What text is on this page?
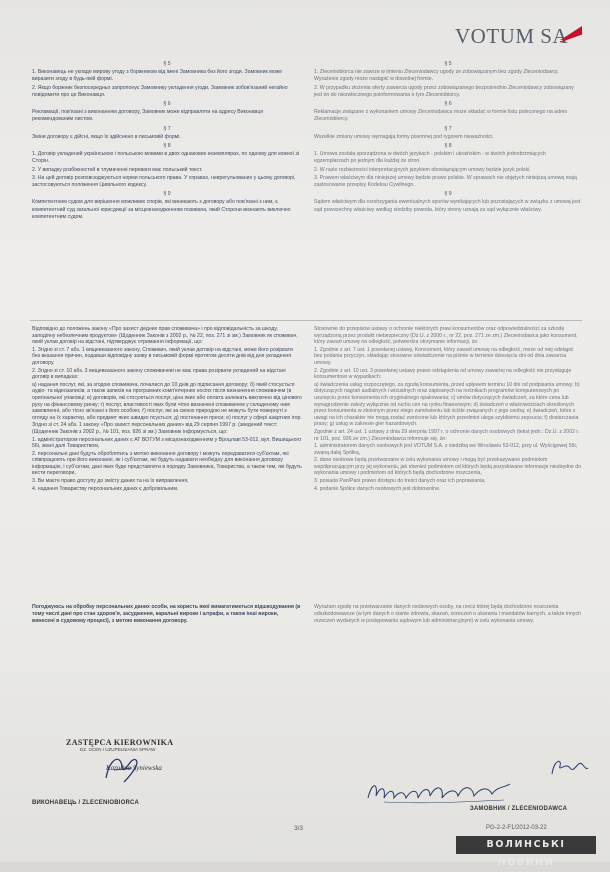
VOTUM SA
§ 5

1. Виконавець не укладе мирову угоду з боржником від імені Замовника без його згоди. Замовник може виразити згоду в будь-якій формі.

2. Якщо боржник безпосередньо запропонує Замовнику укладення угоди, Замовник зобов'язаний негайно повідомити про це Виконавця.

§ 6

Рекламації, пов'язані з виконанням договору, Замовник може відправляти на адресу Виконавця рекомендованим листом.

§ 7

Зміни договору є дійсні, якщо їх здійснено в письмовій формі.

§ 8

1. Договір укладений українською і польською мовами в двох однакових екземплярах, по одному для кожної зі Сторін.

2. У випадку розбіжностей в тлумаченні переваги має польський текст.

3. На цей договір розповсюджуються норми польського права. У справах, неврегульованих у цьому договорі, застосовуються положення Цивільного кодексу.

§ 9

Компетентним судом для вирішення можливих спорів, які виникають з договору або пов'язані з ним, є компетентний суд загальної юрисдикції за місцезнаходженням позивача, який Сторони визнають виключно компетентним судом.

§ 5

1. Zleceniobiorca nie zawrze w imieniu Zleceniodawcy ugody ze zobowiązanym bez zgody Zleceniodawcy. Wyrażenie zgody może nastąpić w dowolnej formie.

2. W przypadku złożenia oferty zawarcia ugody przez zobowiązanego bezpośrednio Zleceniodawcy zobowiązany jest on do niezwłocznego poinformowania o tym Zleceniobiorcy.

§ 6

Reklamacje związane z wykonaniem umowy Zleceniodawca może składać w formie listu poleconego na adres Zleceniobiorcy.

§ 7

Wszelkie zmiany umowy wymagają formy pisemnej pod rygorem nieważności.

§ 8

1. Umowa została sporządzona w dwóch językach - polskim i ukraińskim - w dwóch jednobrzmiących egzemplarzach po jednym dla każdej ze stron.

2. W razie rozbieżności interpretacyjnych językiem obowiązującym umowy będzie język polski.

3. Prawem właściwym dla niniejszej umowy będzie prawo polskie. W sprawach nie objętych niniejszą umową mają zastosowanie przepisy Kodeksu Cywilnego.

§ 9

Sądem właściwym dla rozstrzygania ewentualnych sporów wynikających lub pozostających w związku z umową jest sąd powszechny właściwy według siedziby powoda, który strony uznają za sąd wyłącznie właściwy.

Відповідно до положень закону «Про захист дедних прав споживача» і про відповідальність за шкоду, заподіяну небезпечним продуктом» (Щоденник Законів з 2002 р., № 22, поз. 271 зі зм.) Замовник як споживач, який уклав договір на відстані, підтверджує отримання інформації, що:

1. Згідно зі ст. 7 абз. 1 вищевказаного закону, Споживач, який уклав договір на відстані, може його розірвати без вказання причин, подавши відповідну заяву в письмовій формі протягом десяти днів від дня укладення договору.

2. Згідно зі ст. 10 абз. 3 вищевказаного закону споживачеві не має права розірвати укладений на відстані договір в випадках:

а) надання послуг, які, за згодою споживача, почалися до 10 днів до підписання договору; б) який стосується аудіо- та відеозаписів, а також записів на програмних комп'ютерних носіях після визначення споживачем (в оригінальної упаковці; в) договорів, які стосуються послуг, ціна яких або оплата залежать виключно від цінового руху на фінансовому ринку; г) послуг, властивості яких були чітко визначені споживачем у складеному ним замовленні, або тісно зв'язані з його особою; ґ) послуг, які за своєю природою не можуть бути повернуті з огляду на їх характер, або предмет яких швидко псується; д) постачання преси; е) послуг у сфері азартних ігор.

Згідно зі ст. 24 абз. 1 закону «Про захист персональних даних» від 29 серпня 1997 р. (зведений текст: (Щоденник Законів з 2002 р., № 101, поз. 926 зі зм.) Замовник інформується, що:

1. адміністратором персональних даних є АТ ВОТУМ з місцезнаходженням у Вроцлаві 53-012, вул. Вишицького 56і, звані далі Товариством,

2. персональні дані будуть оброблятись з метою виконання договору і можуть передаватися суб'єктам, які співпрацюють при його виконанні, як і суб'єктам, які будуть надавати необхідну для виконання договору інформацію, і суб'єктам, дані яких буде представляти в порядку Замовника, Товариства, а також тим, які будуть вести переговори,

3. Ви маєте право доступу до змісту даних та на їх виправлення,

4. надання Товариству персональних даних є добровільним.

Stosownie do przepisów ustawy o ochronie niektórych praw konsumentów oraz odpowiedzialności za szkodę wyrządzoną przez produkt niebezpieczny (Dz.U. z 2000 r., nr 22, poz. 271 ze zm.) Zleceniodawca jako konsument, który zawarł umowę na odległość, potwierdza otrzymanie informacji, że:

1. Zgodnie z art. 7 ust. 1 powołanej ustawy, Konsument, który zawarł umowę na odległość, może od niej odstąpić bez podania przyczyn, składając stosowne oświadczenie na piśmie w terminie dziesięciu dni od dnia zawarcia umowy.

2. Zgodnie z art. 10 ust. 3 powołanej ustawy prawo odstąpienia od umowy zawartej na odległość nie przysługuje konsumentowi w wypadkach:

a) świadczenia usług rozpoczętego, za zgodą konsumenta, przed upływem terminu 10 dni od podpisania umowy; b) dotyczących nagrań audialnych i wizualnych oraz zapisanych na nośnikach programów komputerowych po usunięciu przez konsumenta ich oryginalnego opakowania; c) umów dotyczących świadczeń, za które cena lub wynagrodzenie zależy wyłącznie od ruchu cen na rynku finansowym; d) świadczeń o właściwościach określonych przez konsumenta w złożonym przez niego zamówieniu lub ściśle związanych z jego osobą; e) świadczeń, które z uwagi na ich charakter nie mogą zostać zwrócone lub których przedmiot ulega szybkiemu zepsuciu; f) dostarczania prasy; g) usług w zakresie gier hazardowych.

Zgodnie z art. 24 ust. 1 ustawy z dnia 29 sierpnia 1997 r. o ochronie danych osobowych (tekst jedn.: Dz.U. z 2002 r. nr 101, poz. 926 ze zm.) Zleceniodawca informuje się, że:

1. administratorem danych osobowych jest VOTUM S.A. z siedzibą we Wrocławiu 53-012, przy ul. Wyścigowej 56i, zwaną dalej Spółką,

2. dane osobowe będą przetwarzane w celu wykonania umowy i mogą być przekazywane podmiotom współpracującym przy jej wykonaniu, jak również podmiotom od których będą pozyskiwane informacje niezbędne do wykonania umowy i podmiotom od których będą dochodzone roszczenia,

3. posiada Pan/Pani prawo dostępu do treści danych oraz ich poprawiania,

4. podanie Spółce danych osobowych jest dobrowolne.

Погоджуюсь на обробку персональних даних особи, на користь якої вимагатиметься відшкодування (в тому числі дані про стан здоров'я, засудження, каральні вироки і штрафи, а також інші вироки, винесені в судовому процесі), з метою виконання договору.

Wyrażam zgodę na przetwarzanie danych osobowych osoby, na rzecz której będą dochodzone roszczenia odszkodowawcze (w tym danych o stanie zdrowia, skazań, orzeczeń o ukaraniu i mandatów karnych, a także innych orzeczeń wydanych w postępowaniu sądowym lub administracyjnym) w celu wykonania umowy.

ZASTĘPCA KIEROWNIKA
DZ. OCEN I UZUPEŁNIANIA SPRAW
Karolina Syniewska
ВИКОНАВЕЦЬ / ZLECENIOBIORCA
ЗАМОВНИК / ZLECENIODAWCA
3/3	PG-2-2-F1/2012-03-22
ВОЛИНСЬКІ НОВИНИ
